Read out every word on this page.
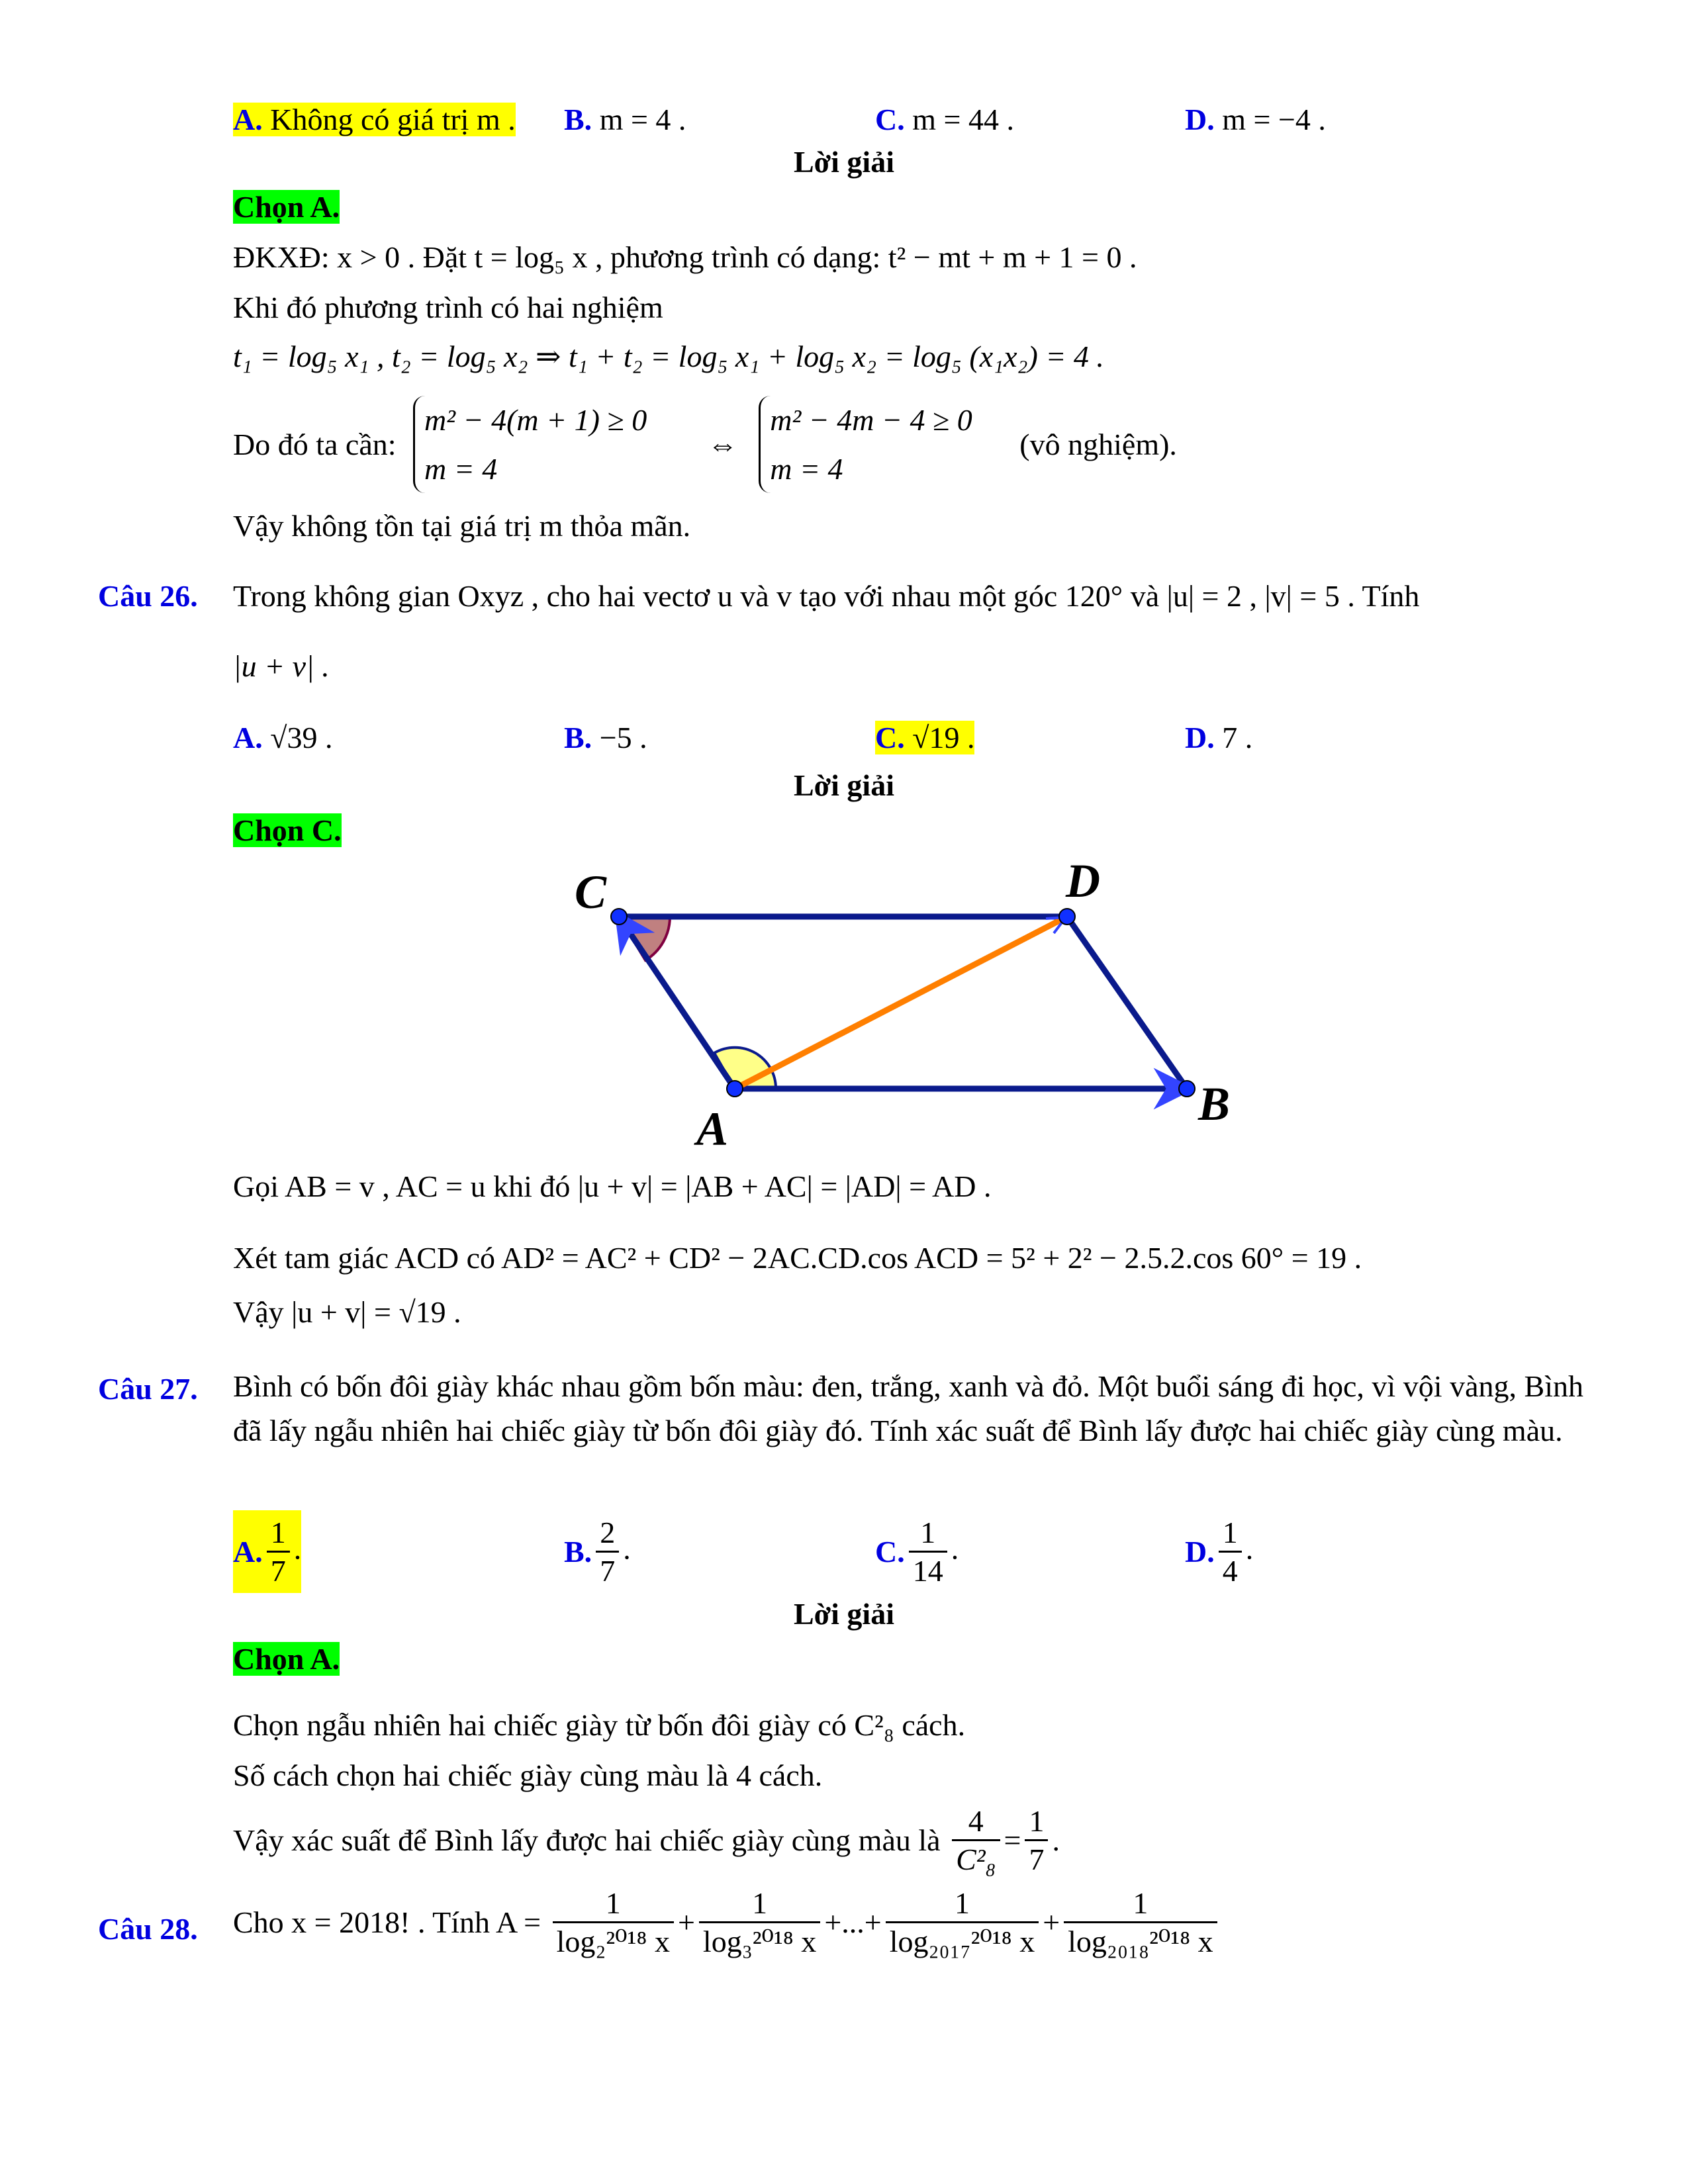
A. Không có giá trị m . B. m = 4 .	C. m = 44 .	D. m = −4 .
Lời giải
Chọn A.
ĐKXĐ: x > 0 . Đặt t = log₅ x , phương trình có dạng: t² − mt + m + 1 = 0 .
Khi đó phương trình có hai nghiệm
t₁ = log₅ x₁ , t₂ = log₅ x₂ ⇒ t₁ + t₂ = log₅ x₁ + log₅ x₂ = log₅ (x₁x₂) = 4 .
Do đó ta cần:
m² − 4(m + 1) ≥ 0
m = 4
⇔
m² − 4m − 4 ≥ 0
m = 4
(vô nghiệm).
Vậy không tồn tại giá trị m thỏa mãn.
Câu 26. Trong không gian Oxyz , cho hai vectơ u và v tạo với nhau một góc 120° và |u| = 2 , |v| = 5 . Tính
|u + v| .
A. √39 .	B. −5 .	C. √19 .	D. 7 .
Lời giải
Chọn C.
C	D
A	B
Gọi AB = v , AC = u khi đó |u + v| = |AB + AC| = |AD| = AD .
Xét tam giác ACD có AD² = AC² + CD² − 2AC.CD.cos ACD = 5² + 2² − 2.5.2.cos 60° = 19 .
Vậy |u + v| = √19 .
Câu 27. Bình có bốn đôi giày khác nhau gồm bốn màu: đen, trắng, xanh và đỏ. Một buổi sáng đi học, vì vội vàng, Bình đã lấy ngẫu nhiên hai chiếc giày từ bốn đôi giày đó. Tính xác suất để Bình lấy được hai chiếc giày cùng màu.
A. $\frac{1}{7}$ .	B. $\frac{2}{7}$ .	C. $\frac{1}{14}$ .	D. $\frac{1}{4}$ .
Lời giải
Chọn A.
Chọn ngẫu nhiên hai chiếc giày từ bốn đôi giày có C²₈ cách.
Số cách chọn hai chiếc giày cùng màu là 4 cách.
Vậy xác suất để Bình lấy được hai chiếc giày cùng màu là $\frac{4}{\text{C²₈}} = \frac{1}{7}$ .
Câu 28. Cho x = 2018! . Tính $A = \frac{1}{\text{log₂²⁰¹⁸ x}} + \frac{1}{\text{log₃²⁰¹⁸ x}}$ +...+ $\frac{1}{\text{log₂₀₁₇²⁰¹⁸ x}} + \frac{1}{\text{log₂₀₁₈²⁰¹⁸ x}}$
